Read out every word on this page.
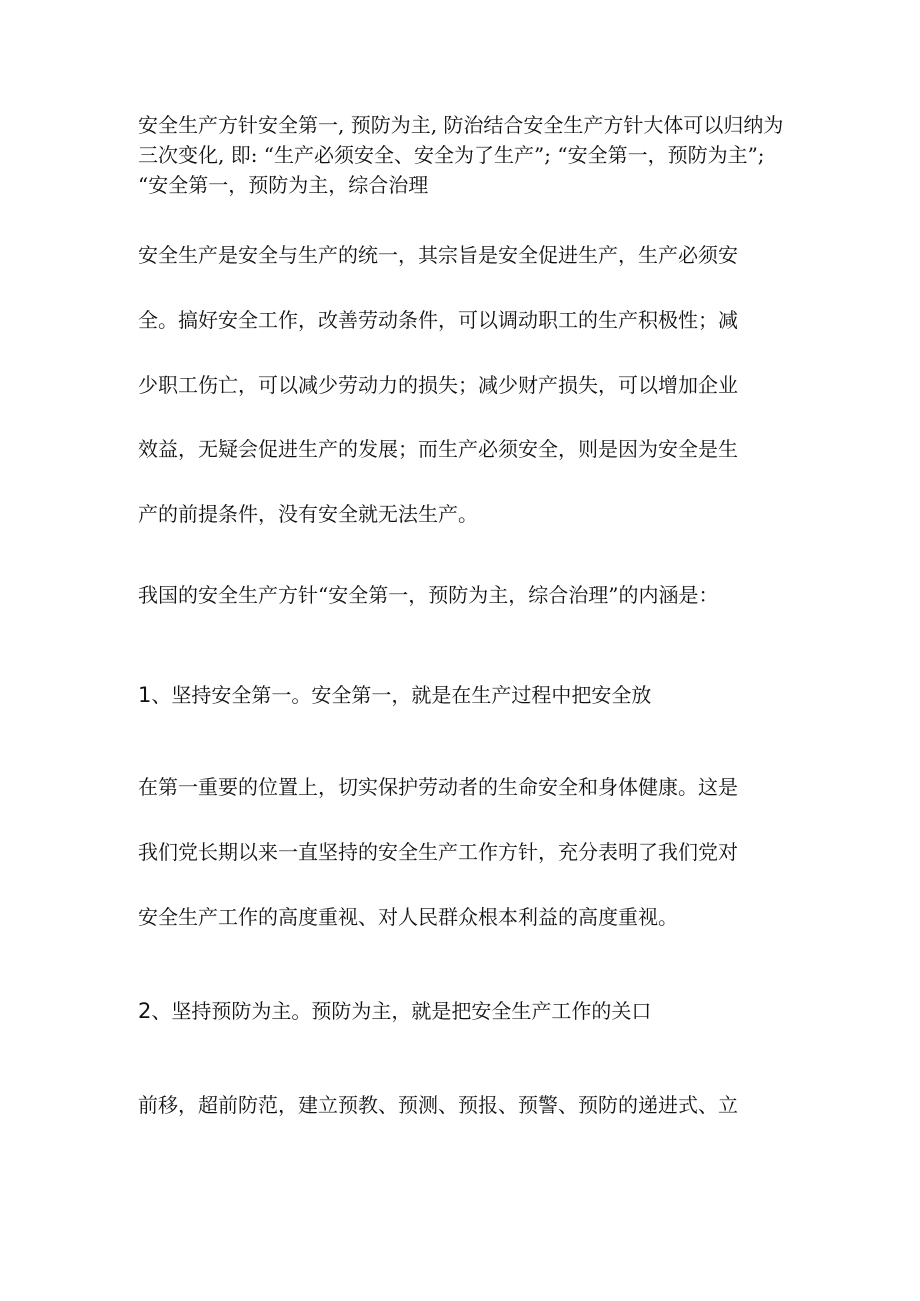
安全生产方针安全第一, 预防为主, 防治结合安全生产方针大体可以归纳为三次变化, 即: “生产必须安全、安全为了生产”; “安全第一，预防为主”; “安全第一，预防为主，综合治理

安全生产是安全与生产的统一，其宗旨是安全促进生产，生产必须安

全。搞好安全工作，改善劳动条件，可以调动职工的生产积极性；减

少职工伤亡，可以减少劳动力的损失；减少财产损失，可以增加企业

效益，无疑会促进生产的发展；而生产必须安全，则是因为安全是生

产的前提条件，没有安全就无法生产。

我国的安全生产方针“安全第一，预防为主，综合治理”的内涵是：

1、坚持安全第一。安全第一，就是在生产过程中把安全放

在第一重要的位置上，切实保护劳动者的生命安全和身体健康。这是

我们党长期以来一直坚持的安全生产工作方针，充分表明了我们党对

安全生产工作的高度重视、对人民群众根本利益的高度重视。

2、坚持预防为主。预防为主，就是把安全生产工作的关口

前移，超前防范，建立预教、预测、预报、预警、预防的递进式、立
